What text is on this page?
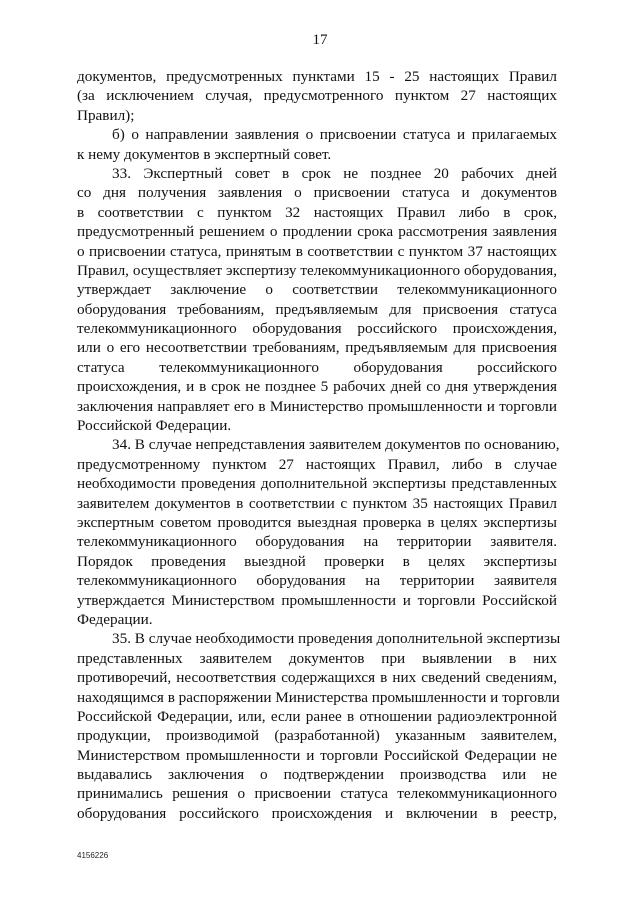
17
документов, предусмотренных пунктами 15 - 25 настоящих Правил
(за исключением случая, предусмотренного пунктом 27 настоящих
Правил);
б) о направлении заявления о присвоении статуса и прилагаемых
к нему документов в экспертный совет.
33. Экспертный совет в срок не позднее 20 рабочих дней
со дня получения заявления о присвоении статуса и документов
в соответствии с пунктом 32 настоящих Правил либо в срок,
предусмотренный решением о продлении срока рассмотрения заявления
о присвоении статуса, принятым в соответствии с пунктом 37 настоящих
Правил, осуществляет экспертизу телекоммуникационного оборудования,
утверждает заключение о соответствии телекоммуникационного
оборудования требованиям, предъявляемым для присвоения статуса
телекоммуникационного оборудования российского происхождения,
или о его несоответствии требованиям, предъявляемым для присвоения
статуса телекоммуникационного оборудования российского
происхождения, и в срок не позднее 5 рабочих дней со дня утверждения
заключения направляет его в Министерство промышленности и торговли
Российской Федерации.
34. В случае непредставления заявителем документов по основанию,
предусмотренному пунктом 27 настоящих Правил, либо в случае
необходимости проведения дополнительной экспертизы представленных
заявителем документов в соответствии с пунктом 35 настоящих Правил
экспертным советом проводится выездная проверка в целях экспертизы
телекоммуникационного оборудования на территории заявителя.
Порядок проведения выездной проверки в целях экспертизы
телекоммуникационного оборудования на территории заявителя
утверждается Министерством промышленности и торговли Российской
Федерации.
35. В случае необходимости проведения дополнительной экспертизы
представленных заявителем документов при выявлении в них
противоречий, несоответствия содержащихся в них сведений сведениям,
находящимся в распоряжении Министерства промышленности и торговли
Российской Федерации, или, если ранее в отношении радиоэлектронной
продукции, производимой (разработанной) указанным заявителем,
Министерством промышленности и торговли Российской Федерации не
выдавались заключения о подтверждении производства или не
принимались решения о присвоении статуса телекоммуникационного
оборудования российского происхождения и включении в реестр,
4156226
